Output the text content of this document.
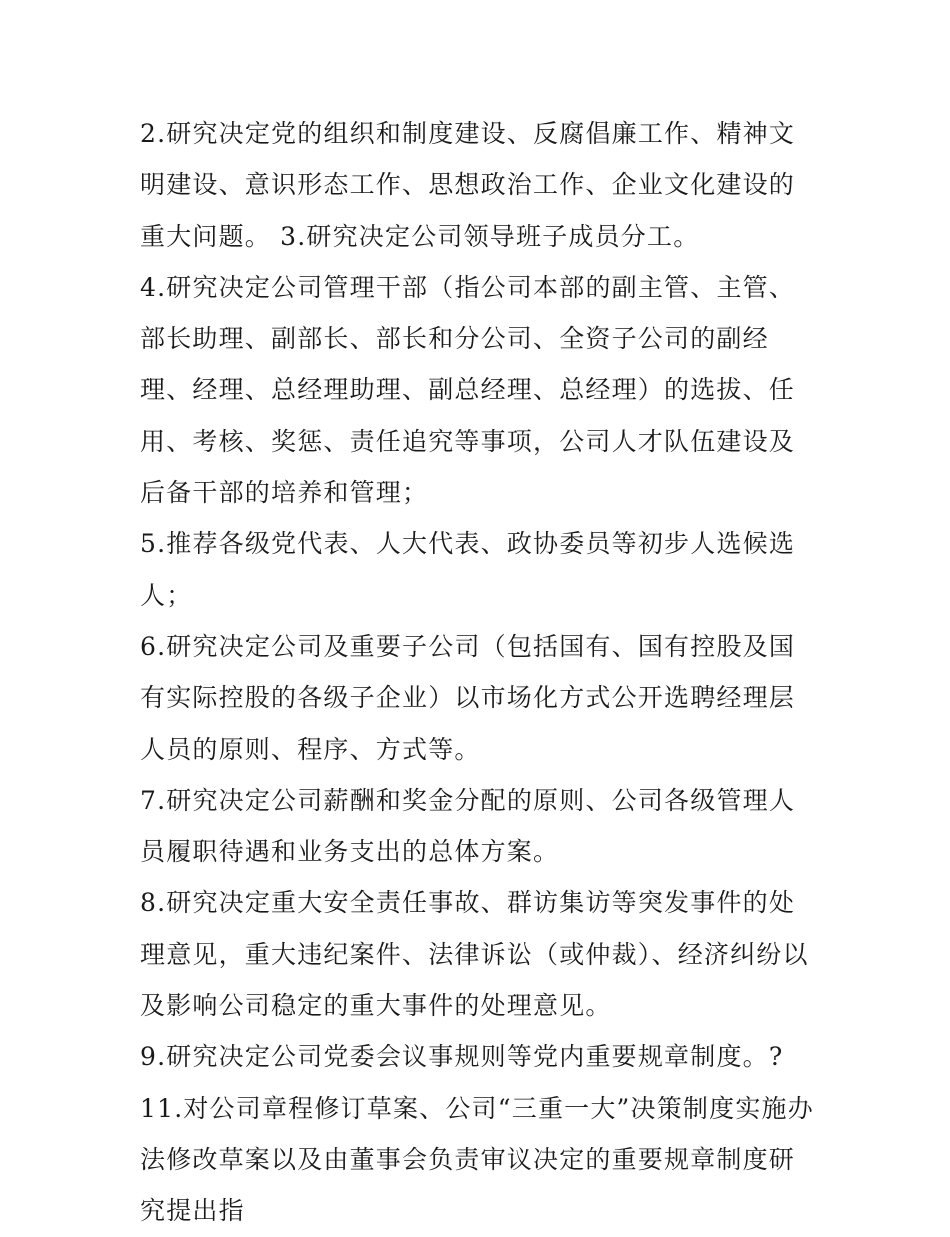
2.研究决定党的组织和制度建设、反腐倡廉工作、精神文明建设、意识形态工作、思想政治工作、企业文化建设的重大问题。 3.研究决定公司领导班子成员分工。

4.研究决定公司管理干部（指公司本部的副主管、主管、部长助理、副部长、部长和分公司、全资子公司的副经理、经理、总经理助理、副总经理、总经理）的选拔、任用、考核、奖惩、责任追究等事项，公司人才队伍建设及后备干部的培养和管理；

5.推荐各级党代表、人大代表、政协委员等初步人选候选人；

6.研究决定公司及重要子公司（包括国有、国有控股及国有实际控股的各级子企业）以市场化方式公开选聘经理层人员的原则、程序、方式等。

7.研究决定公司薪酬和奖金分配的原则、公司各级管理人员履职待遇和业务支出的总体方案。

8.研究决定重大安全责任事故、群访集访等突发事件的处理意见，重大违纪案件、法律诉讼（或仲裁）、经济纠纷以及影响公司稳定的重大事件的处理意见。

9.研究决定公司党委会议事规则等党内重要规章制度。?

11.对公司章程修订草案、公司“三重一大”决策制度实施办法修改草案以及由董事会负责审议决定的重要规章制度研究提出指
